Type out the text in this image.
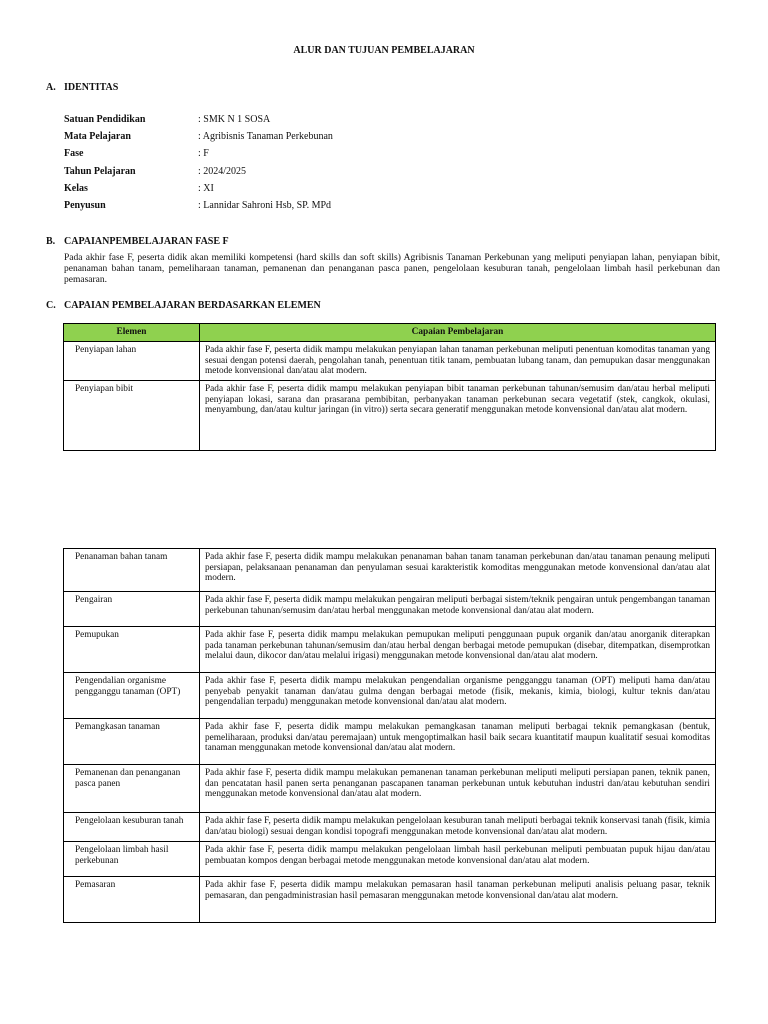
ALUR DAN TUJUAN PEMBELAJARAN
A. IDENTITAS
Satuan Pendidikan	: SMK N 1 SOSA
Mata Pelajaran	: Agribisnis Tanaman Perkebunan
Fase	: F
Tahun Pelajaran	: 2024/2025
Kelas	: XI
Penyusun	: Lannidar Sahroni Hsb, SP. MPd
B. CAPAIANPEMBELAJARAN FASE F
Pada akhir fase F, peserta didik akan memiliki kompetensi (hard skills dan soft skills) Agribisnis Tanaman Perkebunan yang meliputi penyiapan lahan, penyiapan bibit, penanaman bahan tanam, pemeliharaan tanaman, pemanenan dan penanganan pasca panen, pengelolaan kesuburan tanah, pengelolaan limbah hasil perkebunan dan pemasaran.
C. CAPAIAN PEMBELAJARAN BERDASARKAN ELEMEN
Elemen	Capaian Pembelajaran
Penyiapan lahan	Pada akhir fase F, peserta didik mampu melakukan penyiapan lahan tanaman perkebunan meliputi penentuan komoditas tanaman yang sesuai dengan potensi daerah, pengolahan tanah, penentuan titik tanam, pembuatan lubang tanam, dan pemupukan dasar menggunakan metode konvensional dan/atau alat modern.
Penyiapan bibit	Pada akhir fase F, peserta didik mampu melakukan penyiapan bibit tanaman perkebunan tahunan/semusim dan/atau herbal meliputi penyiapan lokasi, sarana dan prasarana pembibitan, perbanyakan tanaman perkebunan secara vegetatif (stek, cangkok, okulasi, menyambung, dan/atau kultur jaringan (in vitro)) serta secara generatif menggunakan metode konvensional dan/atau alat modern.
Penanaman bahan tanam	Pada akhir fase F, peserta didik mampu melakukan penanaman bahan tanam tanaman perkebunan dan/atau tanaman penaung meliputi persiapan, pelaksanaan penanaman dan penyulaman sesuai karakteristik komoditas menggunakan metode konvensional dan/atau alat modern.
Pengairan	Pada akhir fase F, peserta didik mampu melakukan pengairan meliputi berbagai sistem/teknik pengairan untuk pengembangan tanaman perkebunan tahunan/semusim dan/atau herbal menggunakan metode konvensional dan/atau alat modern.
Pemupukan	Pada akhir fase F, peserta didik mampu melakukan pemupukan meliputi penggunaan pupuk organik dan/atau anorganik diterapkan pada tanaman perkebunan tahunan/semusim dan/atau herbal dengan berbagai metode pemupukan (disebar, ditempatkan, disemprotkan melalui daun, dikocor dan/atau melalui irigasi) menggunakan metode konvensional dan/atau alat modern.
Pengendalian organisme pengganggu tanaman (OPT)	Pada akhir fase F, peserta didik mampu melakukan pengendalian organisme pengganggu tanaman (OPT) meliputi hama dan/atau penyebab penyakit tanaman dan/atau gulma dengan berbagai metode (fisik, mekanis, kimia, biologi, kultur teknis dan/atau pengendalian terpadu) menggunakan metode konvensional dan/atau alat modern.
Pemangkasan tanaman	Pada akhir fase F, peserta didik mampu melakukan pemangkasan tanaman meliputi berbagai teknik pemangkasan (bentuk, pemeliharaan, produksi dan/atau peremajaan) untuk mengoptimalkan hasil baik secara kuantitatif maupun kualitatif sesuai komoditas tanaman menggunakan metode konvensional dan/atau alat modern.
Pemanenan dan penanganan pasca panen	Pada akhir fase F, peserta didik mampu melakukan pemanenan tanaman perkebunan meliputi meliputi persiapan panen, teknik panen, dan pencatatan hasil panen serta penanganan pascapanen tanaman perkebunan untuk kebutuhan industri dan/atau kebutuhan sendiri menggunakan metode konvensional dan/atau alat modern.
Pengelolaan kesuburan tanah	Pada akhir fase F, peserta didik mampu melakukan pengelolaan kesuburan tanah meliputi berbagai teknik konservasi tanah (fisik, kimia dan/atau biologi) sesuai dengan kondisi topografi menggunakan metode konvensional dan/atau alat modern.
Pengelolaan limbah hasil perkebunan	Pada akhir fase F, peserta didik mampu melakukan pengelolaan limbah hasil perkebunan meliputi pembuatan pupuk hijau dan/atau pembuatan kompos dengan berbagai metode menggunakan metode konvensional dan/atau alat modern.
Pemasaran	Pada akhir fase F, peserta didik mampu melakukan pemasaran hasil tanaman perkebunan meliputi analisis peluang pasar, teknik pemasaran, dan pengadministrasian hasil pemasaran menggunakan metode konvensional dan/atau alat modern.
